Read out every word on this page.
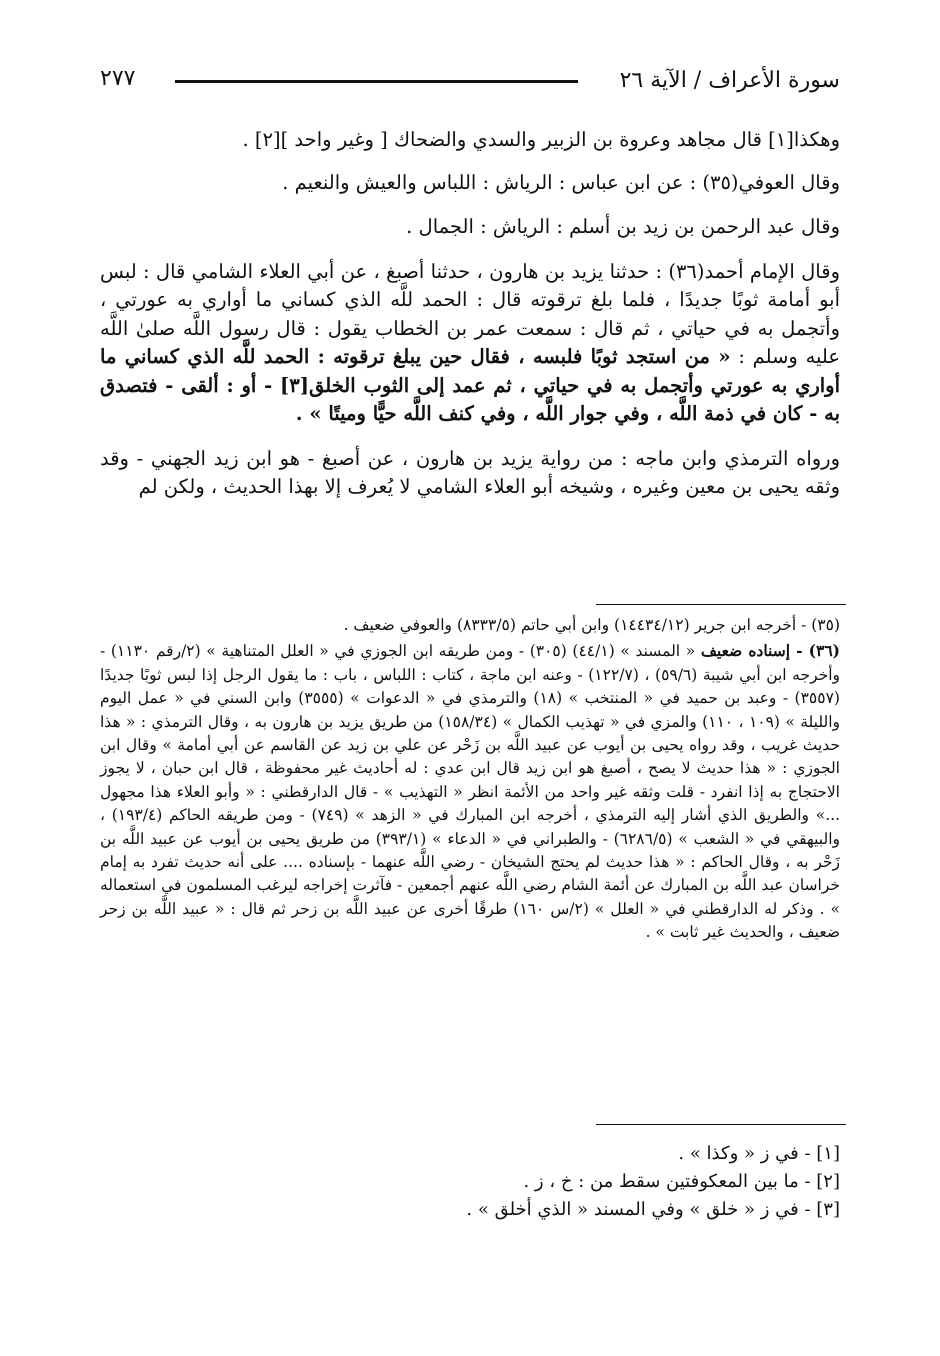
سورة الأعراف / الآية ٢٦
٢٧٧

وهكذا[١] قال مجاهد وعروة بن الزبير والسدي والضحاك [ وغير واحد ][٢] .

وقال العوفي(٣٥) : عن ابن عباس : الرياش : اللباس والعيش والنعيم .

وقال عبد الرحمن بن زيد بن أسلم : الرياش : الجمال .

وقال الإمام أحمد(٣٦) : حدثنا يزيد بن هارون ، حدثنا أصبغ ، عن أبي العلاء الشامي قال : لبس أبو أمامة ثوبًا جديدًا ، فلما بلغ ترقوته قال : الحمد للَّه الذي كساني ما أواري به عورتي ، وأتجمل به في حياتي ، ثم قال : سمعت عمر بن الخطاب يقول : قال رسول اللَّه صلىٰ اللَّه عليه وسلم : « من استجد ثوبًا فلبسه ، فقال حين يبلغ ترقوته : الحمد للَّه الذي كساني ما أواري به عورتي وأتجمل به في حياتي ، ثم عمد إلى الثوب الخلق[٣] - أو : ألقى - فتصدق به - كان في ذمة اللَّه ، وفي جوار اللَّه ، وفي كنف اللَّه حيًّا وميتًا » .

ورواه الترمذي وابن ماجه : من رواية يزيد بن هارون ، عن أصبغ - هو ابن زيد الجهني - وقد وثقه يحيى بن معين وغيره ، وشيخه أبو العلاء الشامي لا يُعرف إلا بهذا الحديث ، ولكن لم

(٣٥) - أخرجه ابن جرير (١٤٤٣٤/١٢) وابن أبي حاتم (٨٣٣٣/٥) والعوفي ضعيف .

(٣٦) - إسناده ضعيف « المسند » (٤٤/١) (٣٠٥) - ومن طريقه ابن الجوزي في « العلل المتناهية » (٢/رقم ١١٣٠) - وأخرجه ابن أبي شيبة (٥٩/٦) ، (١٢٢/٧) - وعنه ابن ماجة ، كتاب : اللباس ، باب : ما يقول الرجل إذا لبس ثوبًا جديدًا (٣٥٥٧) - وعبد بن حميد في « المنتخب » (١٨) والترمذي في « الدعوات » (٣٥٥٥) وابن السني في « عمل اليوم والليلة » (١٠٩ ، ١١٠) والمزي في « تهذيب الكمال » (١٥٨/٣٤) من طريق يزيد بن هارون به ، وقال الترمذي : « هذا حديث غريب ، وقد رواه يحيى بن أيوب عن عبيد اللَّه بن زَحْر عن علي بن زيد عن القاسم عن أبي أمامة » وقال ابن الجوزي : « هذا حديث لا يصح ، أصبغ هو ابن زيد قال ابن عدي : له أحاديث غير محفوظة ، قال ابن حبان ، لا يجوز الاحتجاج به إذا انفرد - قلت وثقه غير واحد من الأئمة انظر « التهذيب » - قال الدارقطني : « وأبو العلاء هذا مجهول ...» والطريق الذي أشار إليه الترمذي ، أخرجه ابن المبارك في « الزهد » (٧٤٩) - ومن طريقه الحاكم (١٩٣/٤) ، والبيهقي في « الشعب » (٦٢٨٦/٥) - والطبراني في « الدعاء » (٣٩٣/١) من طريق يحيى بن أيوب عن عبيد اللَّه بن زَحْر به ، وقال الحاكم : « هذا حديث لم يحتج الشيخان - رضي اللَّه عنهما - بإسناده .... على أنه حديث تفرد به إمام خراسان عبد اللَّه بن المبارك عن أئمة الشام رضي اللَّه عنهم أجمعين - فآثرت إخراجه ليرغب المسلمون في استعماله » . وذكر له الدارقطني في « العلل » (٢/س ١٦٠) طرقًا أخرى عن عبيد اللَّه بن زحر ثم قال : « عبيد اللَّه بن زحر ضعيف ، والحديث غير ثابت » .

[١] - في ز « وكذا » .

[٢] - ما بين المعكوفتين سقط من : خ ، ز .

[٣] - في ز « خلق » وفي المسند « الذي أخلق » .
